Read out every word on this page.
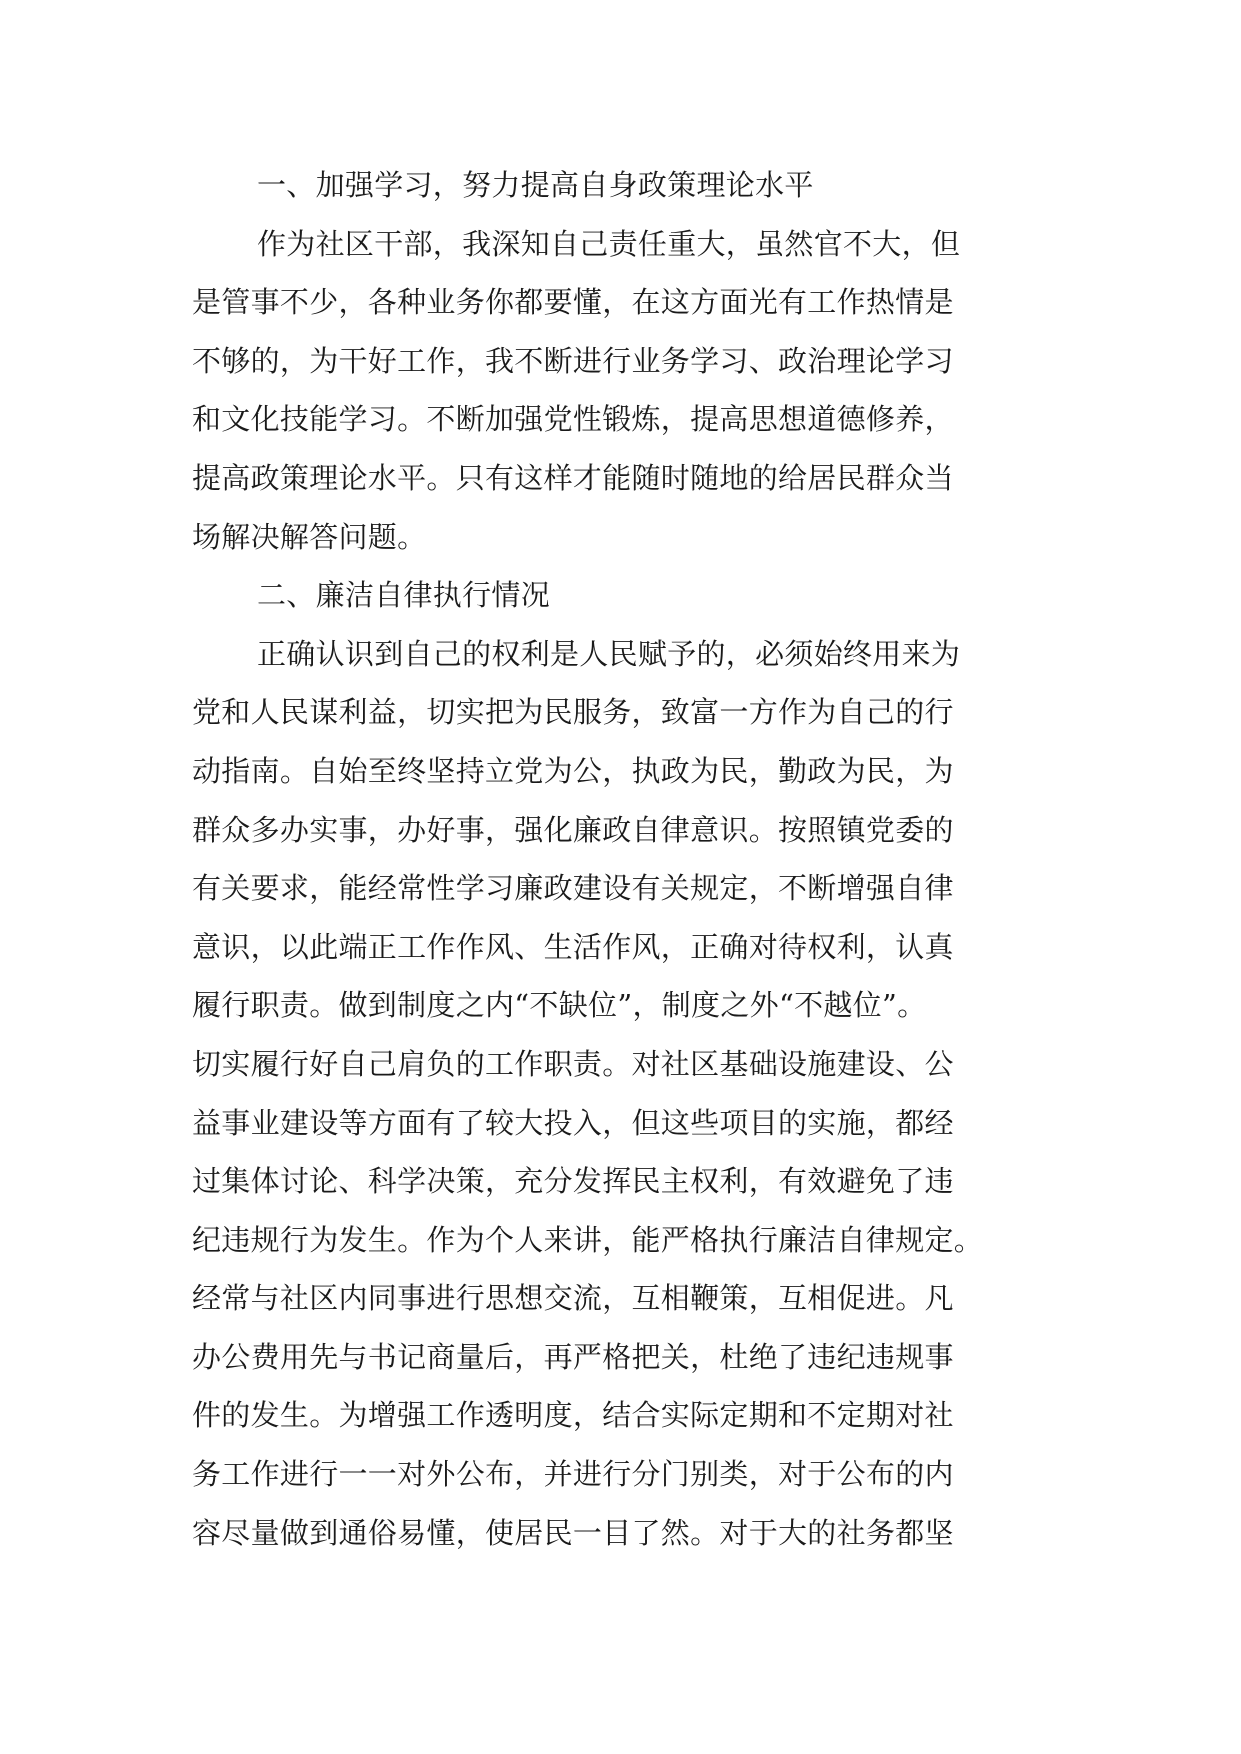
一、加强学习，努力提高自身政策理论水平
作为社区干部，我深知自己责任重大，虽然官不大，但
是管事不少，各种业务你都要懂，在这方面光有工作热情是
不够的，为干好工作，我不断进行业务学习、政治理论学习
和文化技能学习。不断加强党性锻炼，提高思想道德修养，
提高政策理论水平。只有这样才能随时随地的给居民群众当
场解决解答问题。
二、廉洁自律执行情况
正确认识到自己的权利是人民赋予的，必须始终用来为
党和人民谋利益，切实把为民服务，致富一方作为自己的行
动指南。自始至终坚持立党为公，执政为民，勤政为民，为
群众多办实事，办好事，强化廉政自律意识。按照镇党委的
有关要求，能经常性学习廉政建设有关规定，不断增强自律
意识，以此端正工作作风、生活作风，正确对待权利，认真
履行职责。做到制度之内“不缺位”，制度之外“不越位”。
切实履行好自己肩负的工作职责。对社区基础设施建设、公
益事业建设等方面有了较大投入，但这些项目的实施，都经
过集体讨论、科学决策，充分发挥民主权利，有效避免了违
纪违规行为发生。作为个人来讲，能严格执行廉洁自律规定。
经常与社区内同事进行思想交流，互相鞭策，互相促进。凡
办公费用先与书记商量后，再严格把关，杜绝了违纪违规事
件的发生。为增强工作透明度，结合实际定期和不定期对社
务工作进行一一对外公布，并进行分门别类，对于公布的内
容尽量做到通俗易懂，使居民一目了然。对于大的社务都坚
